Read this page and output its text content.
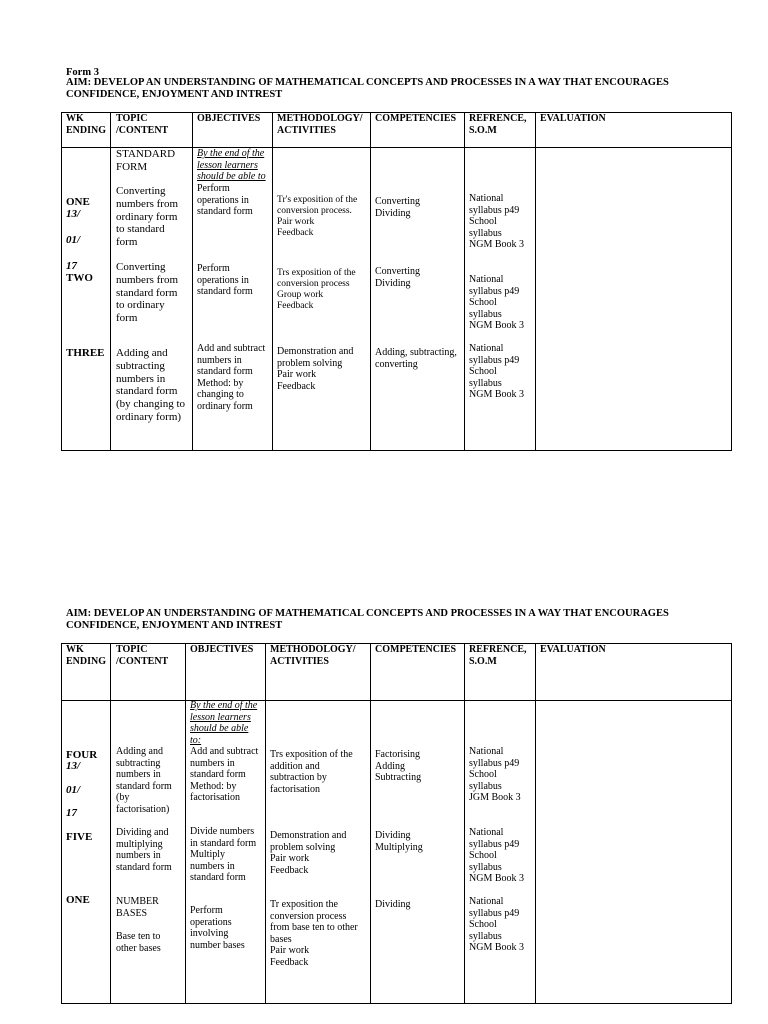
Form 3
AIM: DEVELOP AN UNDERSTANDING OF MATHEMATICAL CONCEPTS AND PROCESSES IN A WAY THAT ENCOURAGES
CONFIDENCE, ENJOYMENT AND INTREST
WK
ENDING
TOPIC
/CONTENT
OBJECTIVES METHODOLOGY/
ACTIVITIES
COMPETENCIES REFRENCE,
S.O.M
EVALUATION
ONE
13/
01/
17
TWO
THREE
STANDARD
FORM
Converting
numbers from
ordinary form
to standard
form
Converting
numbers from
standard form
to ordinary
form
Adding and
subtracting
numbers in
standard form
(by changing to
ordinary form)
By the end of the
lesson learners
should be able to
Perform
operations in
standard form
Perform
operations in
standard form
Add and subtract
numbers in
standard form
Method: by
changing to
ordinary form
Tr's exposition of the
conversion process.
Pair work
Feedback
Trs exposition of the
conversion process
Group work
Feedback
Demonstration and
problem solving
Pair work
Feedback
Converting
Dividing
Converting
Dividing
Adding, subtracting,
converting
National
syllabus p49
School
syllabus
NGM Book 3
National
syllabus p49
School
syllabus
NGM Book 3
National
syllabus p49
School
syllabus
NGM Book 3
AIM: DEVELOP AN UNDERSTANDING OF MATHEMATICAL CONCEPTS AND PROCESSES IN A WAY THAT ENCOURAGES
CONFIDENCE, ENJOYMENT AND INTREST
WK
ENDING
TOPIC
/CONTENT
OBJECTIVES METHODOLOGY/
ACTIVITIES
COMPETENCIES REFRENCE,
S.O.M
EVALUATION
FOUR
13/
01/
17
FIVE
ONE
Adding and
subtracting
numbers in
standard form
(by
factorisation)
Dividing and
multiplying
numbers in
standard form
NUMBER
BASES
Base ten to
other bases
By the end of the
lesson learners
should be able
to:
Add and subtract
numbers in
standard form
Method: by
factorisation
Divide numbers
in standard form
Multiply
numbers in
standard form
Perform
operations
involving
number bases
Trs exposition of the
addition and
subtraction by
factorisation
Demonstration and
problem solving
Pair work
Feedback
Tr exposition the
conversion process
from base ten to other
bases
Pair work
Feedback
Factorising
Adding
Subtracting
Dividing
Multiplying
Dividing
National
syllabus p49
School
syllabus
JGM Book 3
National
syllabus p49
School
syllabus
NGM Book 3
National
syllabus p49
School
syllabus
NGM Book 3
